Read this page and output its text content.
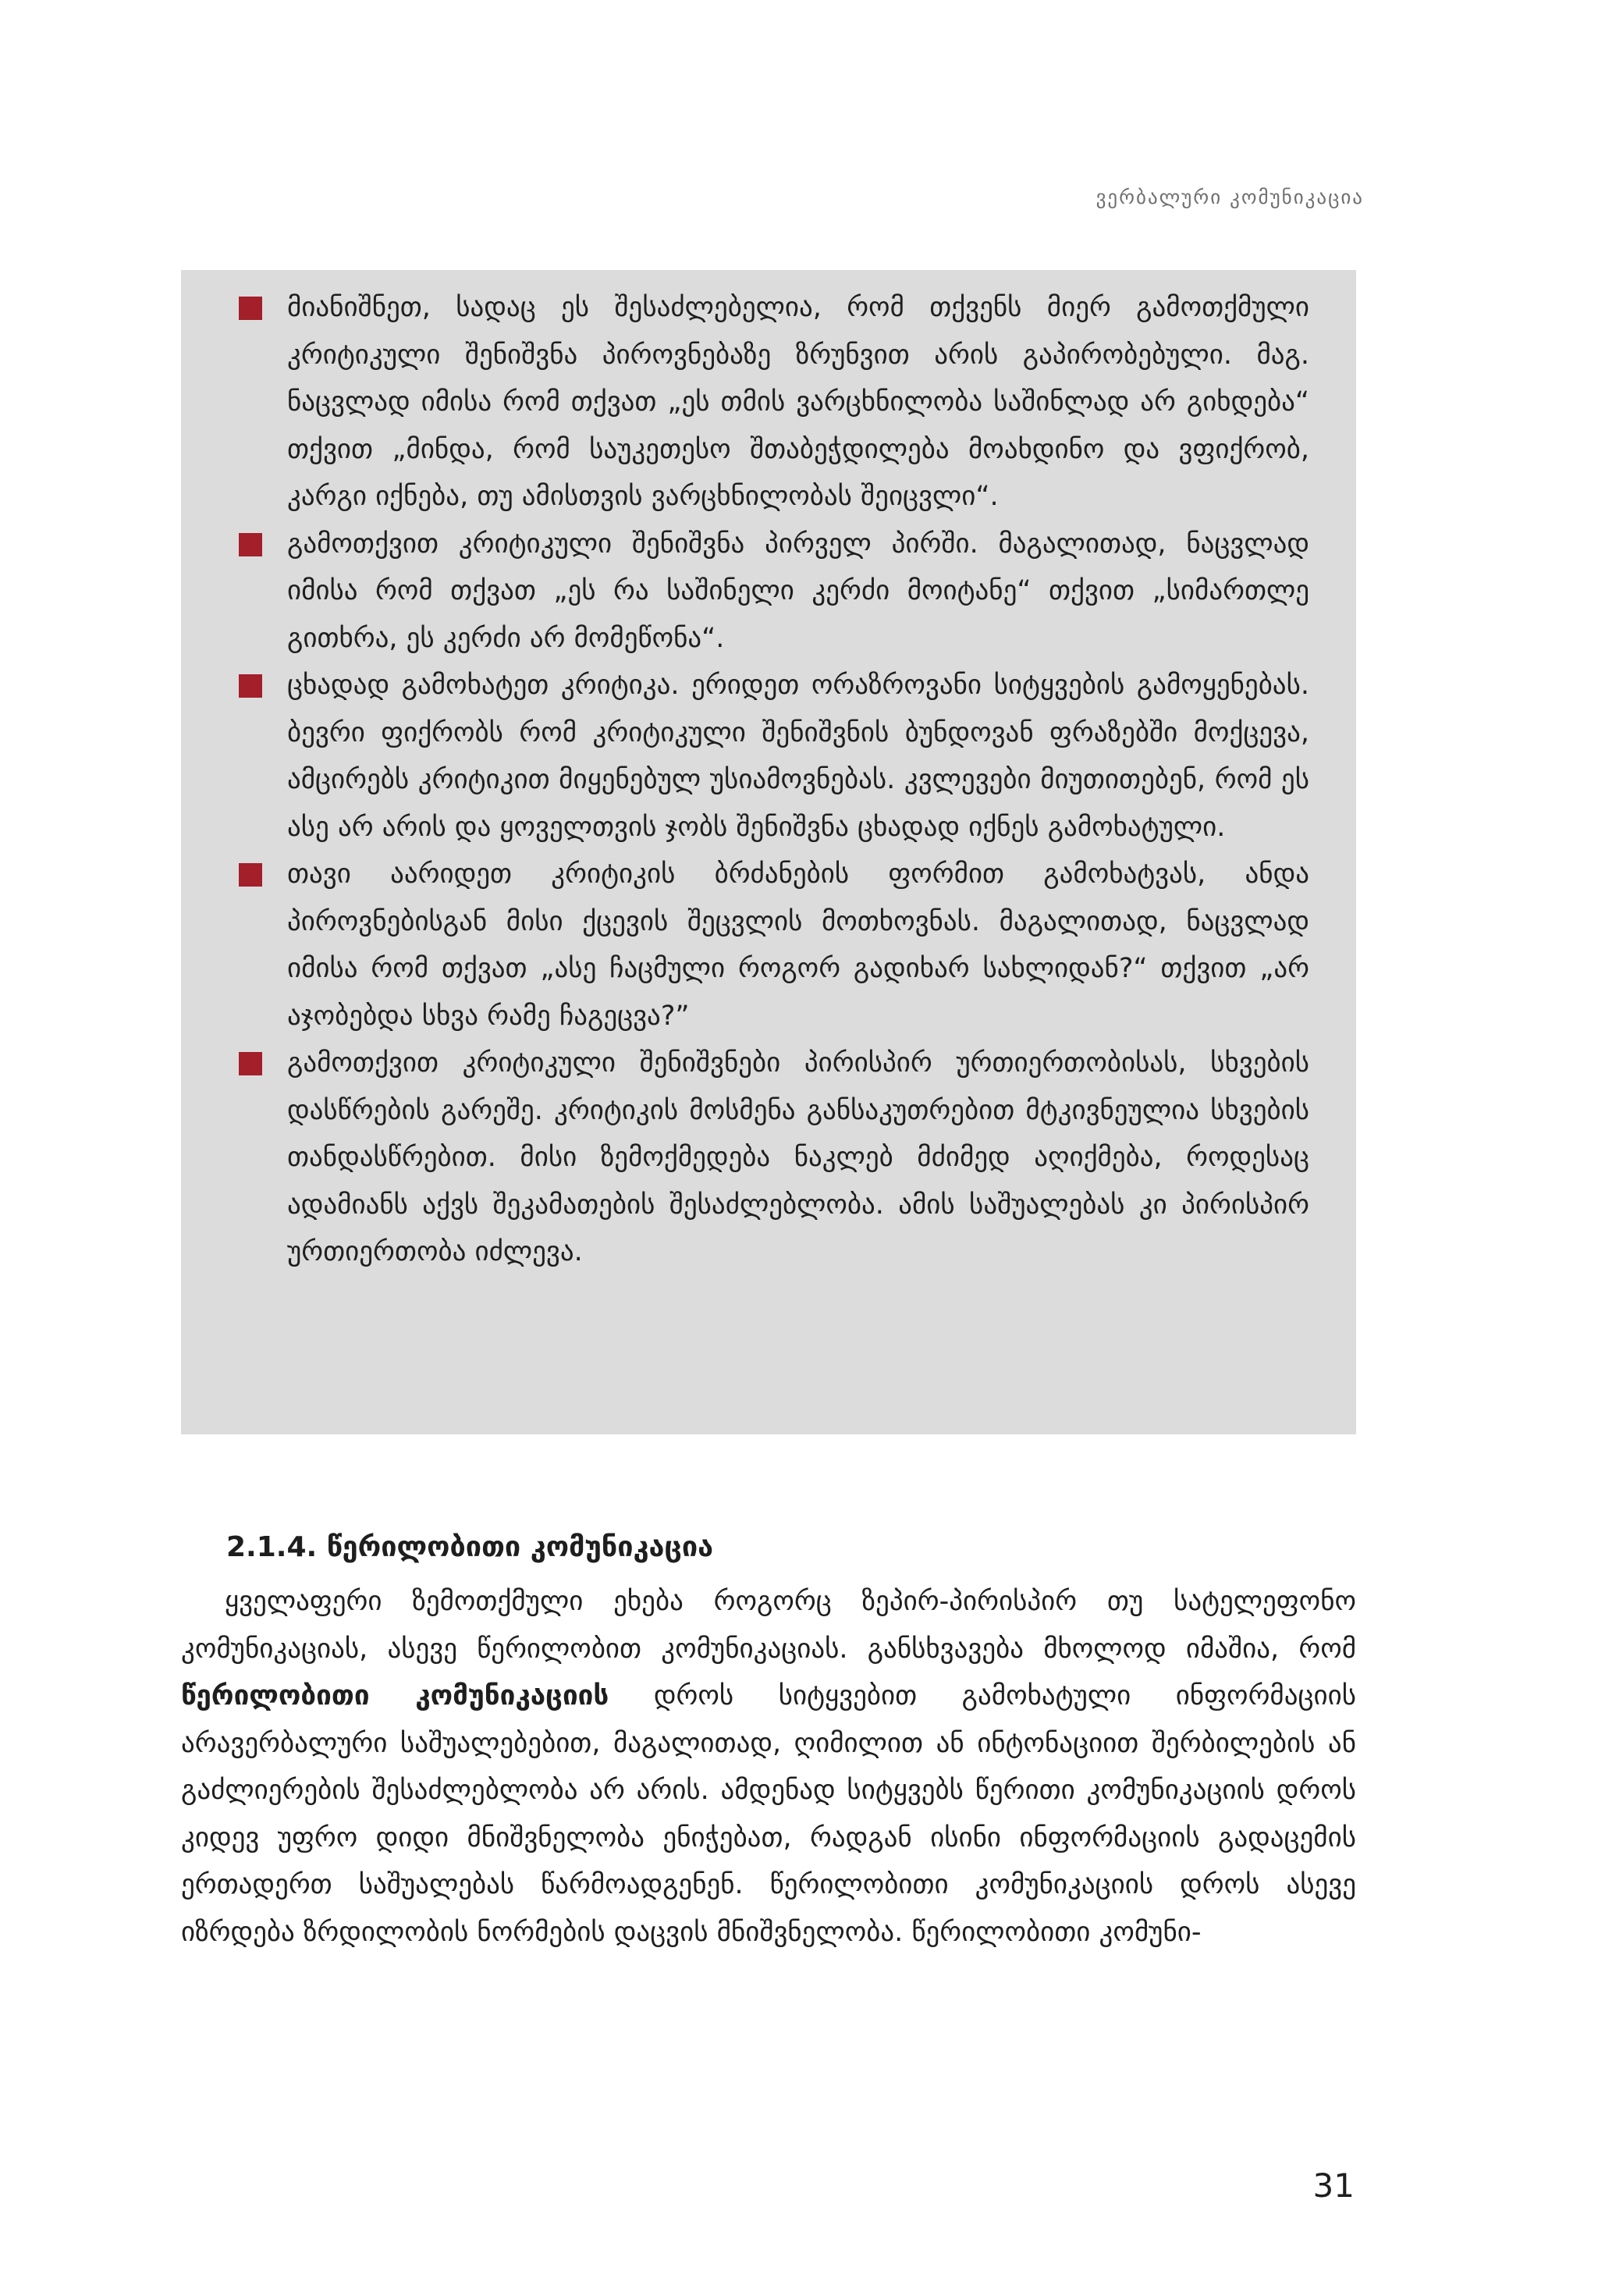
ვერბალური კომუნიკაცია
მიანიშნეთ, სადაც ეს შესაძლებელია, რომ თქვენს მიერ გამოთქმული კრიტიკული შენიშვნა პიროვნებაზე ზრუნვით არის გაპირობებული. მაგ. ნაცვლად იმისა რომ თქვათ „ეს თმის ვარცხნილობა საშინლად არ გიხდება“ თქვით „მინდა, რომ საუკეთესო შთაბეჭდილება მოახდინო და ვფიქრობ, კარგი იქნება, თუ ამისთვის ვარცხნილობას შეიცვლი“.
გამოთქვით კრიტიკული შენიშვნა პირველ პირში. მაგალითად, ნაცვლად იმისა რომ თქვათ „ეს რა საშინელი კერძი მოიტანე“ თქვით „სიმართლე გითხრა, ეს კერძი არ მომეწონა“.
ცხადად გამოხატეთ კრიტიკა. ერიდეთ ორაზროვანი სიტყვების გამოყენებას. ბევრი ფიქრობს რომ კრიტიკული შენიშვნის ბუნდოვან ფრაზებში მოქცევა, ამცირებს კრიტიკით მიყენებულ უსიამოვნებას. კვლევები მიუთითებენ, რომ ეს ასე არ არის და ყოველთვის ჯობს შენიშვნა ცხადად იქნეს გამოხატული.
თავი აარიდეთ კრიტიკის ბრძანების ფორმით გამოხატვას, ანდა პიროვნებისგან მისი ქცევის შეცვლის მოთხოვნას. მაგალითად, ნაცვლად იმისა რომ თქვათ „ასე ჩაცმული როგორ გადიხარ სახლიდან?“ თქვით „არ აჯობებდა სხვა რამე ჩაგეცვა?”
გამოთქვით კრიტიკული შენიშვნები პირისპირ ურთიერთობისას, სხვების დასწრების გარეშე. კრიტიკის მოსმენა განსაკუთრებით მტკივნეულია სხვების თანდასწრებით. მისი ზემოქმედება ნაკლებ მძიმედ აღიქმება, როდესაც ადამიანს აქვს შეკამათების შესაძლებლობა. ამის საშუალებას კი პირისპირ ურთიერთობა იძლევა.
2.1.4. წერილობითი კომუნიკაცია

ყველაფერი ზემოთქმული ეხება როგორც ზეპირ-პირისპირ თუ სატელეფონო კომუნიკაციას, ასევე წერილობით კომუნიკაციას. განსხვავება მხოლოდ იმაშია, რომ წერილობითი კომუნიკაციის დროს სიტყვებით გამოხატული ინფორმაციის არავერბალური საშუალებებით, მაგალითად, ღიმილით ან ინტონაციით შერბილების ან გაძლიერების შესაძლებლობა არ არის. ამდენად სიტყვებს წერითი კომუნიკაციის დროს კიდევ უფრო დიდი მნიშვნელობა ენიჭებათ, რადგან ისინი ინფორმაციის გადაცემის ერთადერთ საშუალებას წარმოადგენენ. წერილობითი კომუნიკაციის დროს ასევე იზრდება ზრდილობის ნორმების დაცვის მნიშვნელობა. წერილობითი კომუნი-

31
